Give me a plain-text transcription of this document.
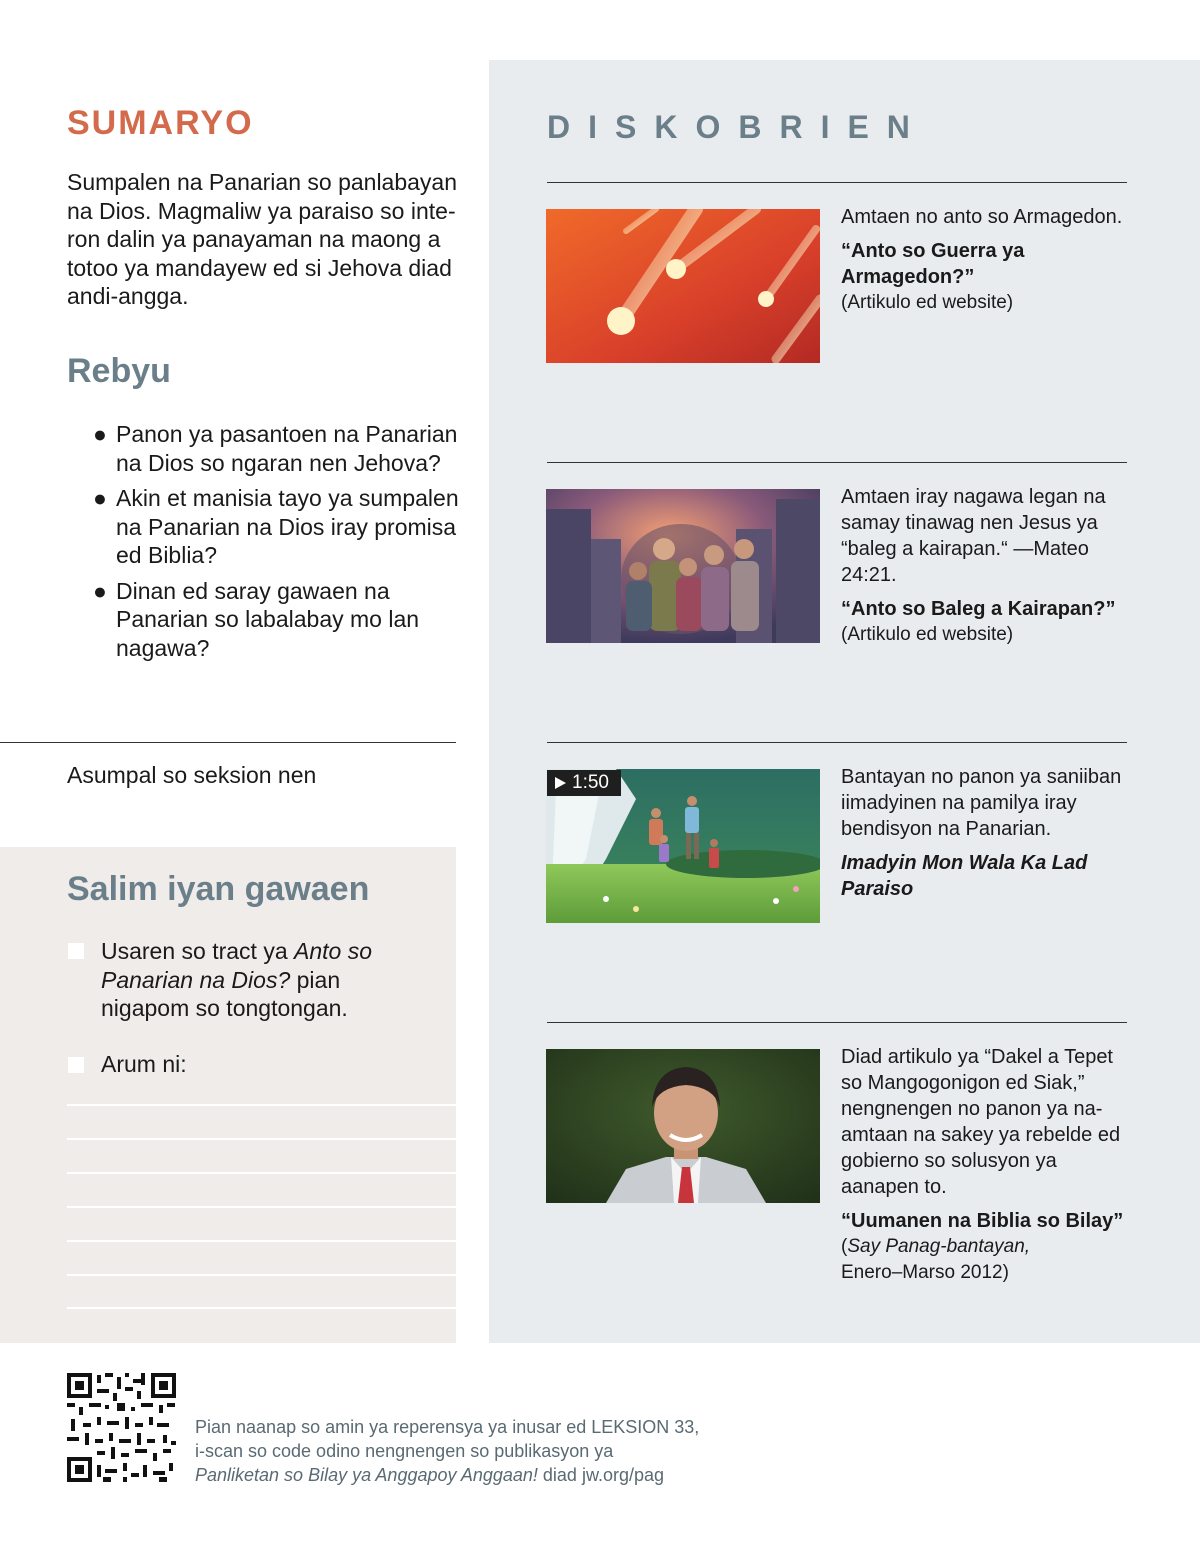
SUMARYO
Sumpalen na Panarian so panlabayan na Dios. Magmaliw ya paraiso so interon dalin ya panayaman na maong a totoo ya mandayew ed si Jehova diad andi-angga.
Rebyu
● Panon ya pasantoen na Panarian na Dios so ngaran nen Jehova?
● Akin et manisia tayo ya sumpalen na Panarian na Dios iray promisa ed Biblia?
● Dinan ed saray gawaen na Panarian so labalabay mo lan nagawa?
Asumpal so seksion nen
Salim iyan gawaen
Usaren so tract ya Anto so Panarian na Dios? pian nigapom so tongtongan.
Arum ni:
DISKOBRIEN
Amtaen no anto so Armagedon.
“Anto so Guerra ya Armagedon?”
(Artikulo ed website)
Amtaen iray nagawa legan na samay tinawag nen Jesus ya “baleg a kairapan.“ —Mateo 24:21.
“Anto so Baleg a Kairapan?”
(Artikulo ed website)
1:50	Bantayan no panon ya saniiban iimadyinen na pamilya iray bendisyon na Panarian.
Imadyin Mon Wala Ka Lad Paraiso
Diad artikulo ya “Dakel a Tepet so Mangogonigon ed Siak,” nengnengen no panon ya naamtaan na sakey ya rebelde ed gobierno so solusyon ya aanapen to.
“Uumanen na Biblia so Bilay”
(Say Panag-bantayan,
Enero–Marso 2012)
Pian naanap so amin ya reperensya ya inusar ed LEKSION 33,
i-scan so code odino nengnengen so publikasyon ya
Panliketan so Bilay ya Anggapoy Anggaan! diad jw.org/pag
